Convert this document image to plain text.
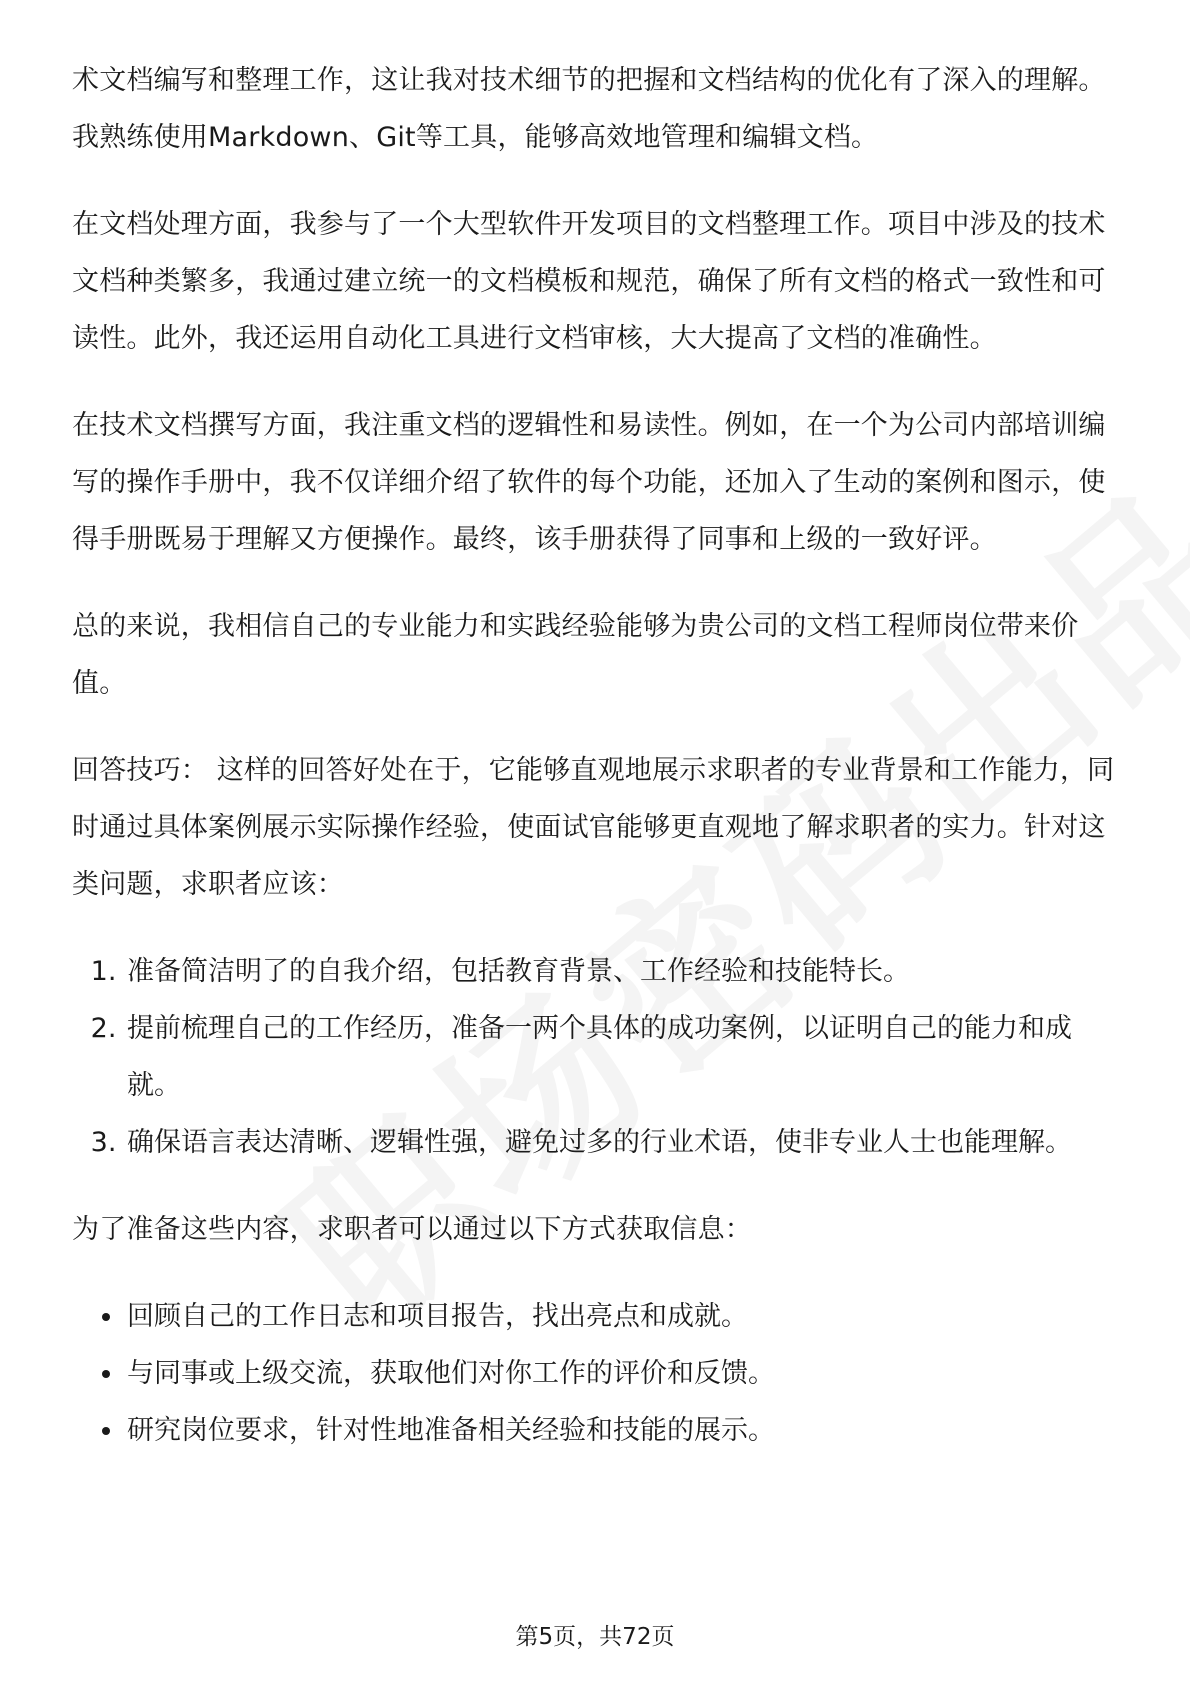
术文档编写和整理工作，这让我对技术细节的把握和文档结构的优化有了深入的理解。我熟练使用Markdown、Git等工具，能够高效地管理和编辑文档。

在文档处理方面，我参与了一个大型软件开发项目的文档整理工作。项目中涉及的技术文档种类繁多，我通过建立统一的文档模板和规范，确保了所有文档的格式一致性和可读性。此外，我还运用自动化工具进行文档审核，大大提高了文档的准确性。

在技术文档撰写方面，我注重文档的逻辑性和易读性。例如，在一个为公司内部培训编写的操作手册中，我不仅详细介绍了软件的每个功能，还加入了生动的案例和图示，使得手册既易于理解又方便操作。最终，该手册获得了同事和上级的一致好评。

总的来说，我相信自己的专业能力和实践经验能够为贵公司的文档工程师岗位带来价值。

回答技巧： 这样的回答好处在于，它能够直观地展示求职者的专业背景和工作能力，同时通过具体案例展示实际操作经验，使面试官能够更直观地了解求职者的实力。针对这类问题，求职者应该：

1. 准备简洁明了的自我介绍，包括教育背景、工作经验和技能特长。
2. 提前梳理自己的工作经历，准备一两个具体的成功案例，以证明自己的能力和成就。
3. 确保语言表达清晰、逻辑性强，避免过多的行业术语，使非专业人士也能理解。

为了准备这些内容，求职者可以通过以下方式获取信息：

• 回顾自己的工作日志和项目报告，找出亮点和成就。
• 与同事或上级交流，获取他们对你工作的评价和反馈。
• 研究岗位要求，针对性地准备相关经验和技能的展示。
第5页，共72页
